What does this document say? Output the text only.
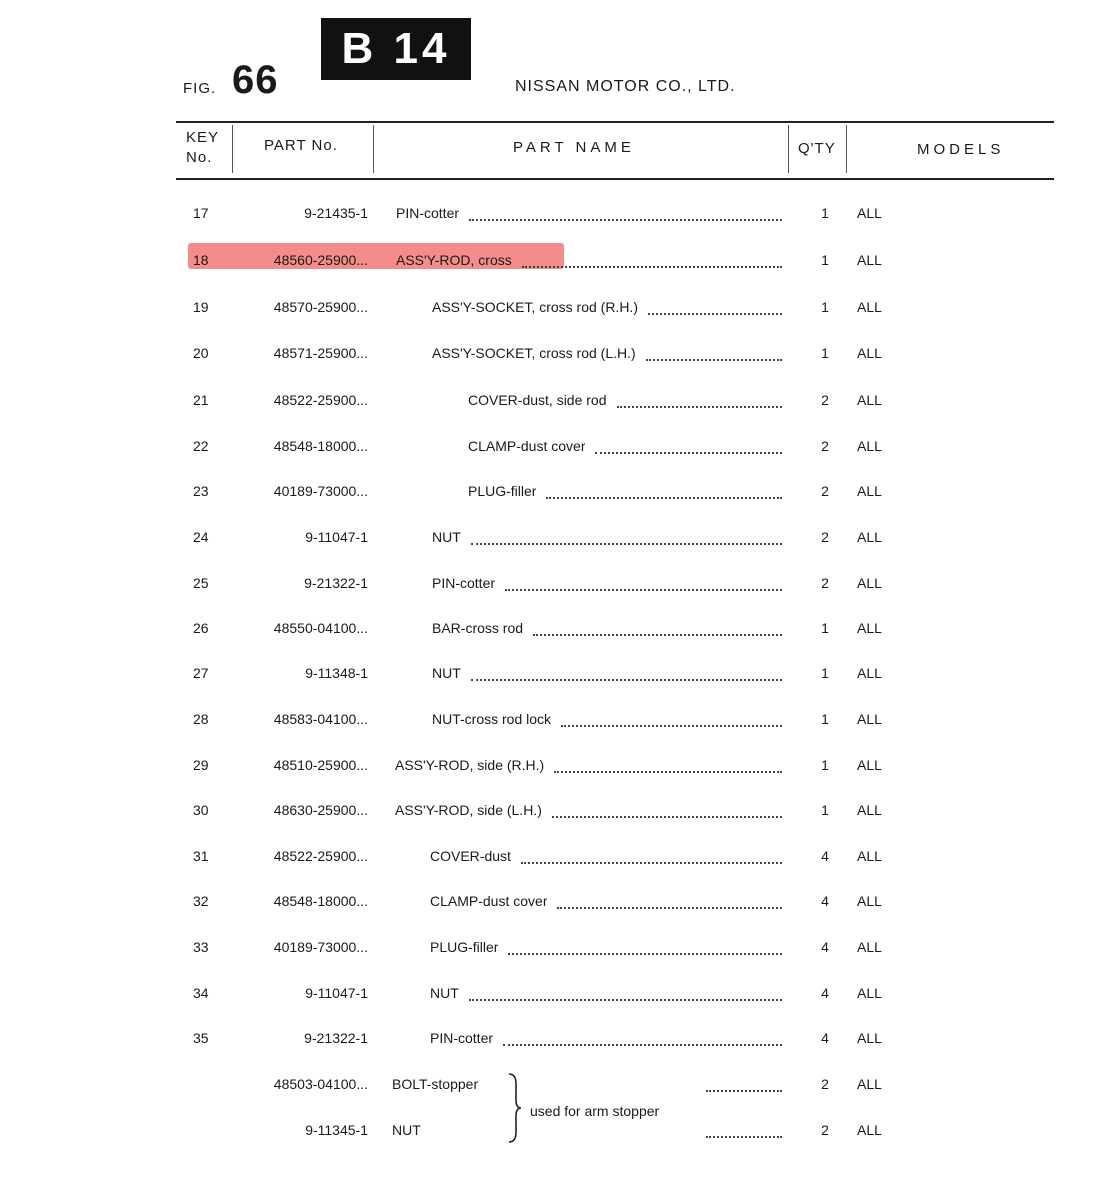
FIG. 66
B 14
NISSAN MOTOR CO., LTD.
KEY No.
PART No.	PART NAME	Q'TY	MODELS
17	9-21435-1 PIN-cotter	1	ALL
18	48560-25900... ASS'Y-ROD, cross	1	ALL
19	48570-25900...	ASS'Y-SOCKET, cross rod (R.H.)	1	ALL
20	48571-25900...	ASS'Y-SOCKET, cross rod (L.H.)	1	ALL
21	48522-25900...	COVER-dust, side rod	2	ALL
22	48548-18000...	CLAMP-dust cover	2	ALL
23	40189-73000...	PLUG-filler	2	ALL
24	9-11047-1	NUT	2	ALL
25	9-21322-1	PIN-cotter	2	ALL
26	48550-04100...	BAR-cross rod	1	ALL
27	9-11348-1	NUT	1	ALL
28	48583-04100...	NUT-cross rod lock	1	ALL
29	48510-25900... ASS'Y-ROD, side (R.H.)	1	ALL
30	48630-25900... ASS'Y-ROD, side (L.H.)	1	ALL
31	48522-25900...	COVER-dust	4	ALL
32	48548-18000...	CLAMP-dust cover	4	ALL
33	40189-73000...	PLUG-filler	4	ALL
34	9-11047-1	NUT	4	ALL
35	9-21322-1	PIN-cotter	4	ALL
48503-04100... BOLT-stopper	2	ALL
9-11345-1 NUT	2	ALL
used for arm stopper
